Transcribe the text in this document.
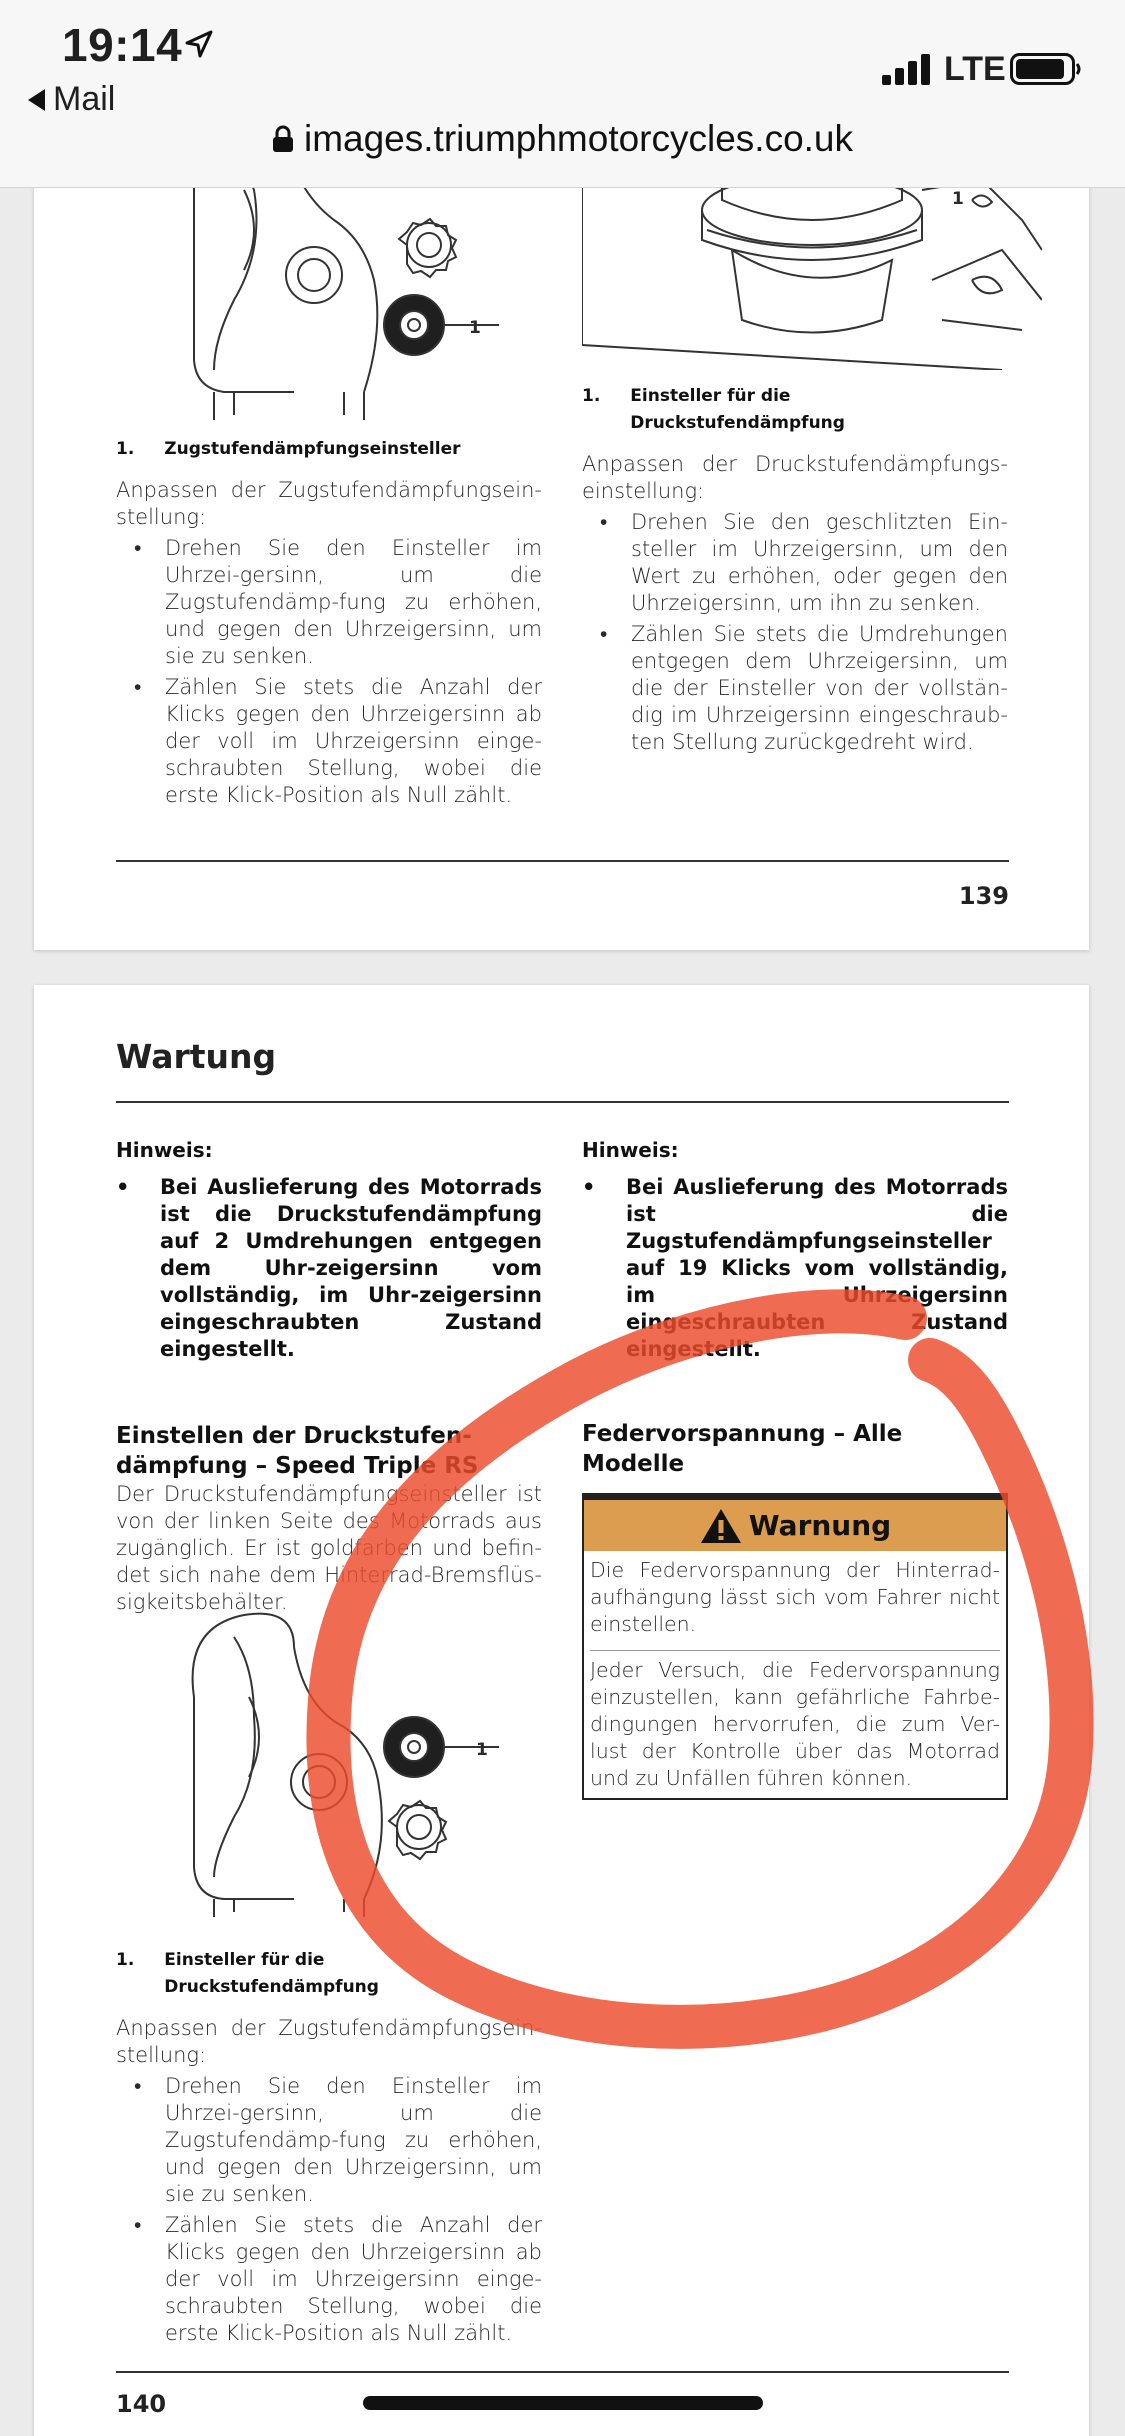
19:14
Mail
LTE
images.triumphmotorcycles.co.uk
1
1
1. Zugstufendämpfungseinsteller
Anpassen der Zugstufendämpfungsein-stellung:
• Drehen Sie den Einsteller im Uhrzei-gersinn, um die Zugstufendämp-fung zu erhöhen, und gegen den Uhrzeigersinn, um sie zu senken.
• Zählen Sie stets die Anzahl der Klicks gegen den Uhrzeigersinn ab der voll im Uhrzeigersinn einge-schraubten Stellung, wobei die erste Klick-Position als Null zählt.
1. Einsteller für die Druckstufendämpfung
Anpassen der Druckstufendämpfungs-einstellung:
• Drehen Sie den geschlitzten Ein-steller im Uhrzeigersinn, um den Wert zu erhöhen, oder gegen den Uhrzeigersinn, um ihn zu senken.
• Zählen Sie stets die Umdrehungen entgegen dem Uhrzeigersinn, um die der Einsteller von der vollstän-dig im Uhrzeigersinn eingeschraub-ten Stellung zurückgedreht wird.
139
Wartung
Hinweis:
• Bei Auslieferung des Motorrads ist die Druckstufendämpfung auf 2 Umdrehungen entgegen dem Uhr-zeigersinn vom vollständig, im Uhr-zeigersinn eingeschraubten Zustand eingestellt.
Einstellen der Druckstufen-dämpfung – Speed Triple RS
Der Druckstufendämpfungseinsteller ist von der linken Seite des Motorrads aus zugänglich. Er ist goldfarben und befin-det sich nahe dem Hinterrad-Bremsflüs-sigkeitsbehälter.
1
1. Einsteller für die Druckstufendämpfung
Anpassen der Zugstufendämpfungsein-stellung:
• Drehen Sie den Einsteller im Uhrzei-gersinn, um die Zugstufendämp-fung zu erhöhen, und gegen den Uhrzeigersinn, um sie zu senken.
• Zählen Sie stets die Anzahl der Klicks gegen den Uhrzeigersinn ab der voll im Uhrzeigersinn einge-schraubten Stellung, wobei die erste Klick-Position als Null zählt.
Hinweis:
• Bei Auslieferung des Motorrads ist die Zugstufendämpfungseinsteller auf 19 Klicks vom vollständig, im Uhrzeigersinn eingeschraubten Zustand eingestellt.
Federvorspannung – Alle Modelle
Warnung

Die Federvorspannung der Hinterrad-aufhängung lässt sich vom Fahrer nicht einstellen.

Jeder Versuch, die Federvorspannung einzustellen, kann gefährliche Fahrbe-dingungen hervorrufen, die zum Ver-lust der Kontrolle über das Motorrad und zu Unfällen führen können.

140
